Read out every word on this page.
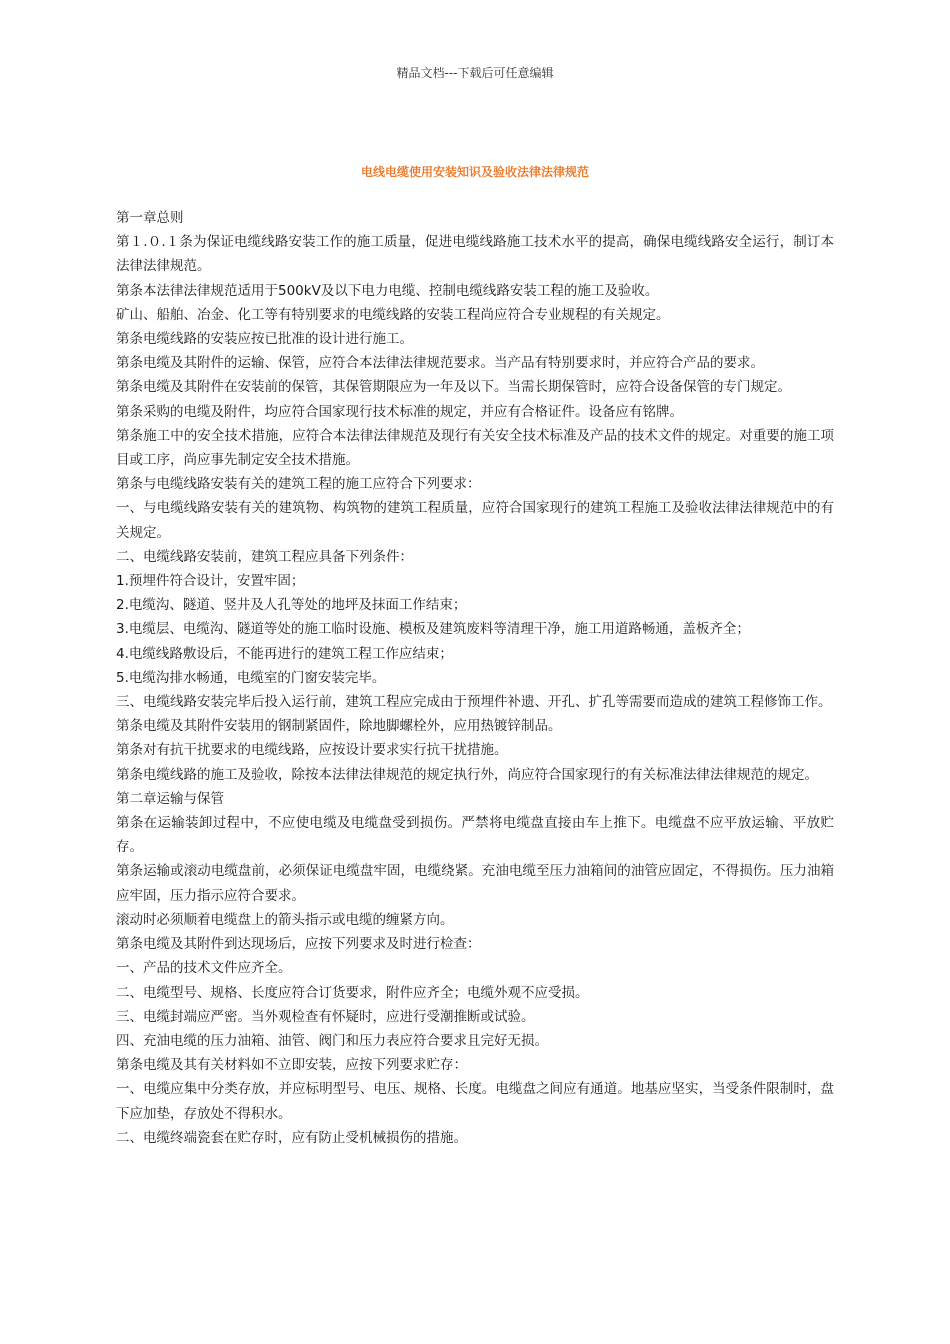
精品文档---下载后可任意编辑
电线电缆使用安装知识及验收法律法律规范

第一章总则

第１.０.１条为保证电缆线路安装工作的施工质量，促进电缆线路施工技术水平的提高，确保电缆线路安全运行，制订本法律法律规范。

第条本法律法律规范适用于500kV及以下电力电缆、控制电缆线路安装工程的施工及验收。

矿山、船舶、冶金、化工等有特别要求的电缆线路的安装工程尚应符合专业规程的有关规定。

第条电缆线路的安装应按已批准的设计进行施工。

第条电缆及其附件的运输、保管，应符合本法律法律规范要求。当产品有特别要求时，并应符合产品的要求。

第条电缆及其附件在安装前的保管，其保管期限应为一年及以下。当需长期保管时，应符合设备保管的专门规定。

第条采购的电缆及附件，均应符合国家现行技术标准的规定，并应有合格证件。设备应有铭牌。

第条施工中的安全技术措施，应符合本法律法律规范及现行有关安全技术标准及产品的技术文件的规定。对重要的施工项目或工序，尚应事先制定安全技术措施。

第条与电缆线路安装有关的建筑工程的施工应符合下列要求：

一、与电缆线路安装有关的建筑物、构筑物的建筑工程质量，应符合国家现行的建筑工程施工及验收法律法律规范中的有关规定。

二、电缆线路安装前，建筑工程应具备下列条件：

1.预埋件符合设计，安置牢固；

2.电缆沟、隧道、竖井及人孔等处的地坪及抹面工作结束；

3.电缆层、电缆沟、隧道等处的施工临时设施、模板及建筑废料等清理干净，施工用道路畅通，盖板齐全；

4.电缆线路敷设后，不能再进行的建筑工程工作应结束；

5.电缆沟排水畅通，电缆室的门窗安装完毕。

三、电缆线路安装完毕后投入运行前，建筑工程应完成由于预埋件补遗、开孔、扩孔等需要而造成的建筑工程修饰工作。

第条电缆及其附件安装用的钢制紧固件，除地脚螺栓外，应用热镀锌制品。

第条对有抗干扰要求的电缆线路，应按设计要求实行抗干扰措施。

第条电缆线路的施工及验收，除按本法律法律规范的规定执行外，尚应符合国家现行的有关标准法律法律规范的规定。

第二章运输与保管

第条在运输装卸过程中，不应使电缆及电缆盘受到损伤。严禁将电缆盘直接由车上推下。电缆盘不应平放运输、平放贮存。

第条运输或滚动电缆盘前，必须保证电缆盘牢固，电缆绕紧。充油电缆至压力油箱间的油管应固定，不得损伤。压力油箱应牢固，压力指示应符合要求。

滚动时必须顺着电缆盘上的箭头指示或电缆的缠紧方向。

第条电缆及其附件到达现场后，应按下列要求及时进行检查：

一、产品的技术文件应齐全。

二、电缆型号、规格、长度应符合订货要求，附件应齐全；电缆外观不应受损。

三、电缆封端应严密。当外观检查有怀疑时，应进行受潮推断或试验。

四、充油电缆的压力油箱、油管、阀门和压力表应符合要求且完好无损。

第条电缆及其有关材料如不立即安装，应按下列要求贮存：

一、电缆应集中分类存放，并应标明型号、电压、规格、长度。电缆盘之间应有通道。地基应坚实，当受条件限制时，盘下应加垫，存放处不得积水。

二、电缆终端瓷套在贮存时，应有防止受机械损伤的措施。
